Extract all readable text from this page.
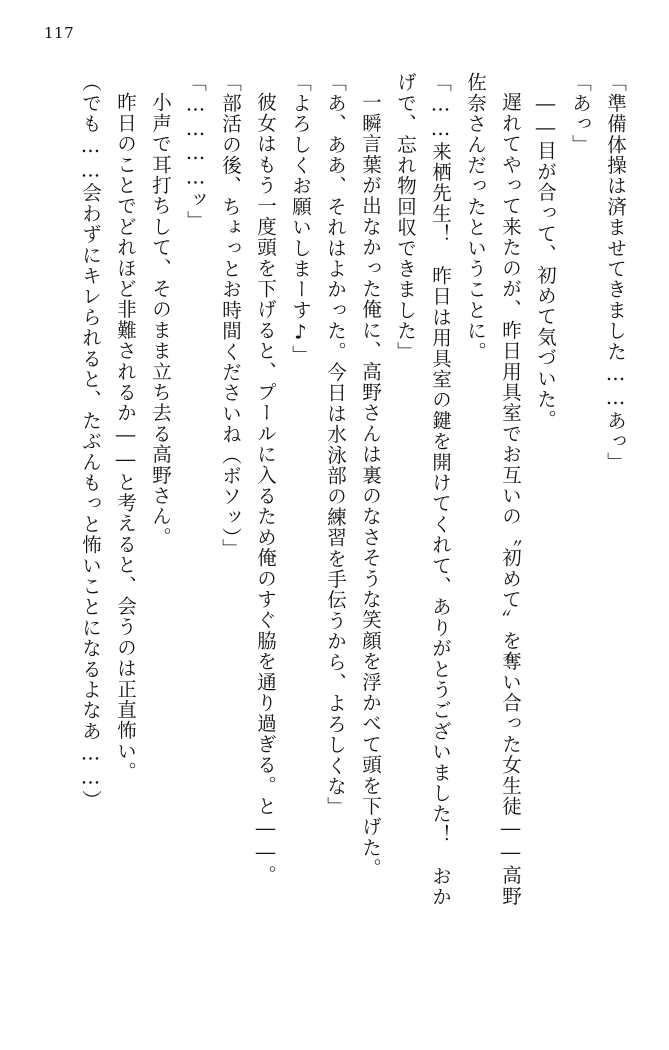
117

「準備体操は済ませてきました……あっ」

「あっ」

――目が合って、初めて気づいた。

遅れてやって来たのが、昨日用具室でお互いの〝初めて〟を奪い合った女生徒――高野

佐奈さんだったということに。

「……来栖先生！　昨日は用具室の鍵を開けてくれて、ありがとうございました！　おか

げで、忘れ物回収できました」

一瞬言葉が出なかった俺に、高野さんは裏のなさそうな笑顔を浮かべて頭を下げた。

「あ、ああ、それはよかった。今日は水泳部の練習を手伝うから、よろしくな」

「よろしくお願いしまーす♪」

彼女はもう一度頭を下げると、プールに入るため俺のすぐ脇を通り過ぎる。と――。

「部活の後、ちょっとお時間くださいね（ボソッ）」

「…………ッ」

小声で耳打ちして、そのまま立ち去る高野さん。

昨日のことでどれほど非難されるか――と考えると、会うのは正直怖い。

（でも……会わずにキレられると、たぶんもっと怖いことになるよなあ……）
